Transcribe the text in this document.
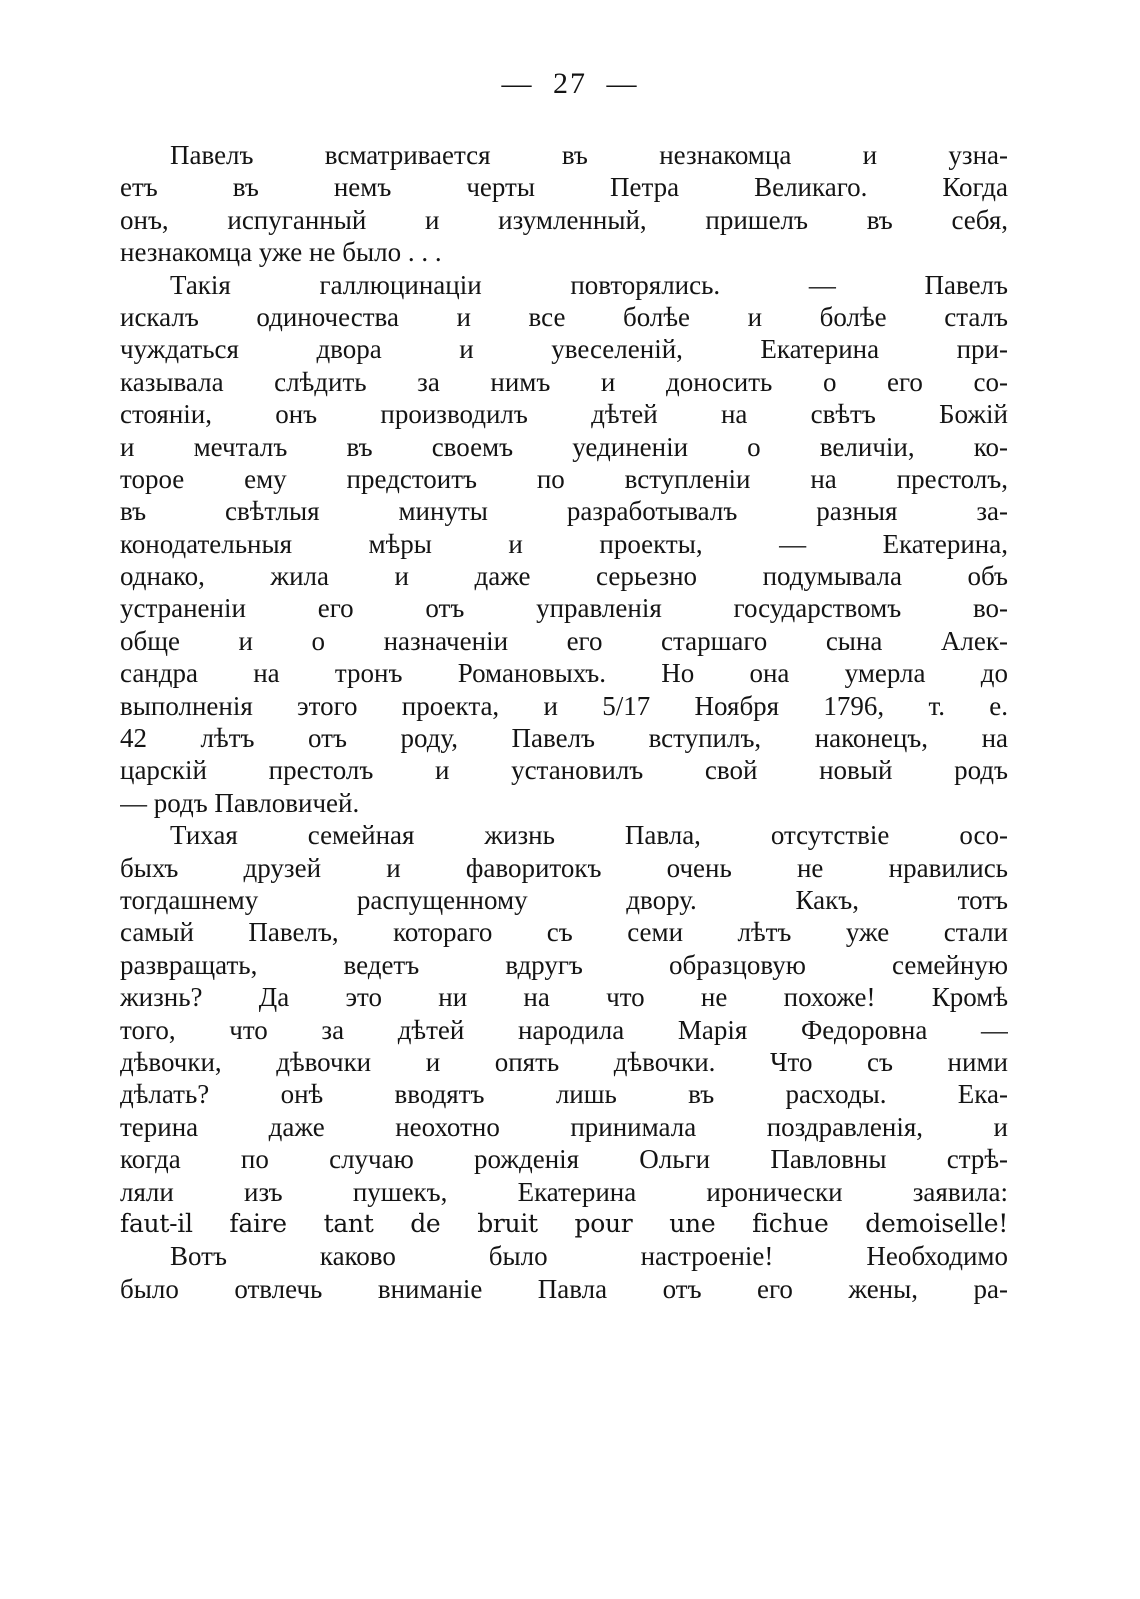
— 27 —
Павелъ всматривается въ незнакомца и узна-
етъ въ немъ черты Петра Великаго. Когда
онъ, испуганный и изумленный, пришелъ въ себя,
незнакомца уже не было . . .
Такія галлюцинаціи повторялись. — Павелъ
искалъ одиночества и все болѣе и болѣе сталъ
чуждаться двора и увеселеній, Екатерина при-
казывала слѣдить за нимъ и доносить о его со-
стояніи, онъ производилъ дѣтей на свѣтъ Божій
и мечталъ въ своемъ уединеніи о величіи, ко-
торое ему предстоитъ по вступленіи на престолъ,
въ свѣтлыя минуты разработывалъ разныя за-
конодательныя мѣры и проекты, — Екатерина,
однако, жила и даже серьезно подумывала объ
устраненіи его отъ управленія государствомъ во-
обще и о назначеніи его старшаго сына Алек-
сандра на тронъ Романовыхъ. Но она умерла до
выполненія этого проекта, и 5/17 Ноября 1796, т. е.
42 лѣтъ отъ роду, Павелъ вступилъ, наконецъ, на
царскій престолъ и установилъ свой новый родъ
— родъ Павловичей.
Тихая семейная жизнь Павла, отсутствіе осо-
быхъ друзей и фаворитокъ очень не нравились
тогдашнему распущенному двору. Какъ, тотъ
самый Павелъ, котораго съ семи лѣтъ уже стали
развращать, ведетъ вдругъ образцовую семейную
жизнь? Да это ни на что не похоже! Кромѣ
того, что за дѣтей народила Марія Федоровна —
дѣвочки, дѣвочки и опять дѣвочки. Что съ ними
дѣлать? онѣ вводятъ лишь въ расходы. Ека-
терина даже неохотно принимала поздравленія, и
когда по случаю рожденія Ольги Павловны стрѣ-
ляли изъ пушекъ, Екатерина иронически заявила:
faut-il faire tant de bruit pour une fichue demoiselle!
Вотъ каково было настроеніе! Необходимо
было отвлечь вниманіе Павла отъ его жены, ра-
